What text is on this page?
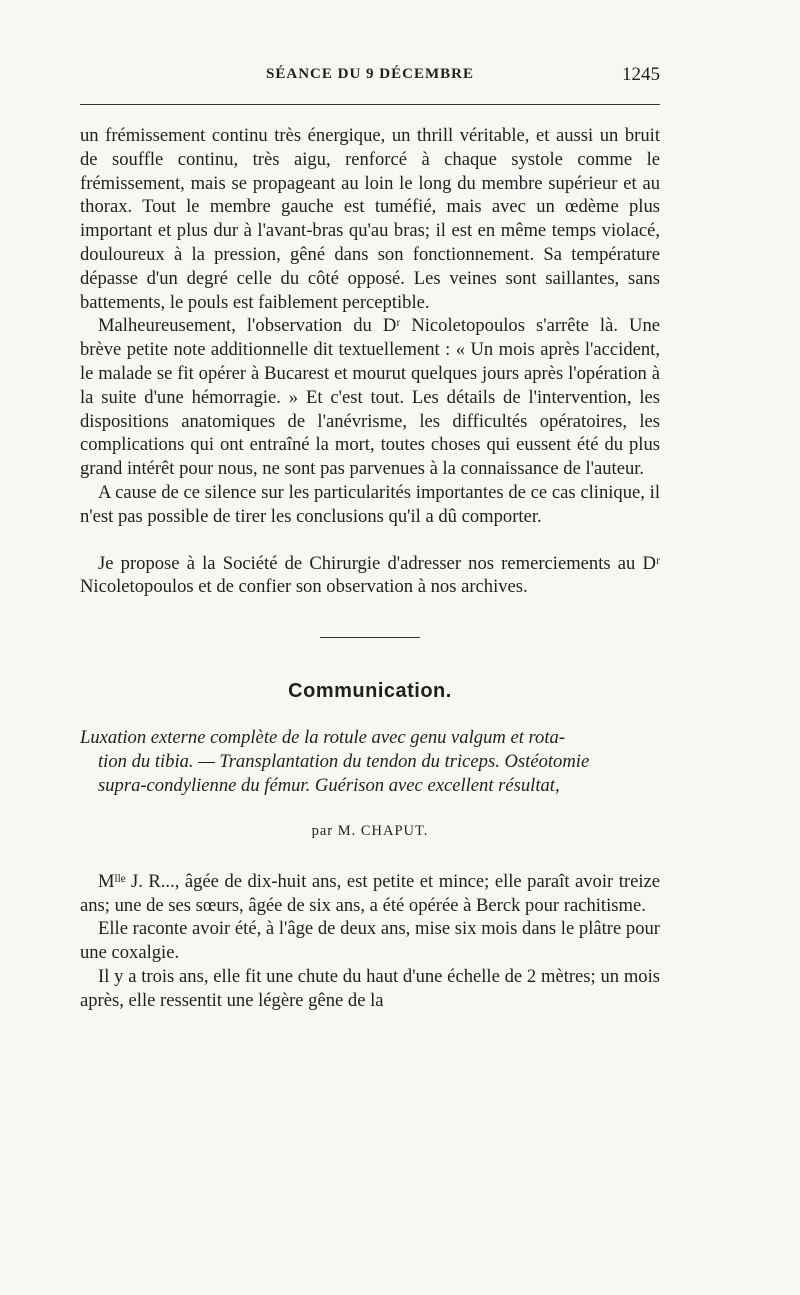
SÉANCE DU 9 DÉCEMBRE	1245

un frémissement continu très énergique, un thrill véritable, et aussi un bruit de souffle continu, très aigu, renforcé à chaque systole comme le frémissement, mais se propageant au loin le long du membre supérieur et au thorax. Tout le membre gauche est tuméfié, mais avec un œdème plus important et plus dur à l'avant-bras qu'au bras; il est en même temps violacé, douloureux à la pression, gêné dans son fonctionnement. Sa température dépasse d'un degré celle du côté opposé. Les veines sont saillantes, sans battements, le pouls est faiblement perceptible.

Malheureusement, l'observation du Dʳ Nicoletopoulos s'arrête là. Une brève petite note additionnelle dit textuellement : « Un mois après l'accident, le malade se fit opérer à Bucarest et mourut quelques jours après l'opération à la suite d'une hémorragie. » Et c'est tout. Les détails de l'intervention, les dispositions anatomiques de l'anévrisme, les difficultés opératoires, les complications qui ont entraîné la mort, toutes choses qui eussent été du plus grand intérêt pour nous, ne sont pas parvenues à la connaissance de l'auteur.

A cause de ce silence sur les particularités importantes de ce cas clinique, il n'est pas possible de tirer les conclusions qu'il a dû comporter.

Je propose à la Société de Chirurgie d'adresser nos remerciements au Dʳ Nicoletopoulos et de confier son observation à nos archives.

Communication.
Luxation externe complète de la rotule avec genu valgum et rota-
tion du tibia. — Transplantation du tendon du triceps. Ostéotomie
supra-condylienne du fémur. Guérison avec excellent résultat,
par M. CHAPUT.

Mˡˡᵉ J. R..., âgée de dix-huit ans, est petite et mince; elle paraît avoir treize ans; une de ses sœurs, âgée de six ans, a été opérée à Berck pour rachitisme.

Elle raconte avoir été, à l'âge de deux ans, mise six mois dans le plâtre pour une coxalgie.

Il y a trois ans, elle fit une chute du haut d'une échelle de 2 mètres; un mois après, elle ressentit une légère gêne de la
